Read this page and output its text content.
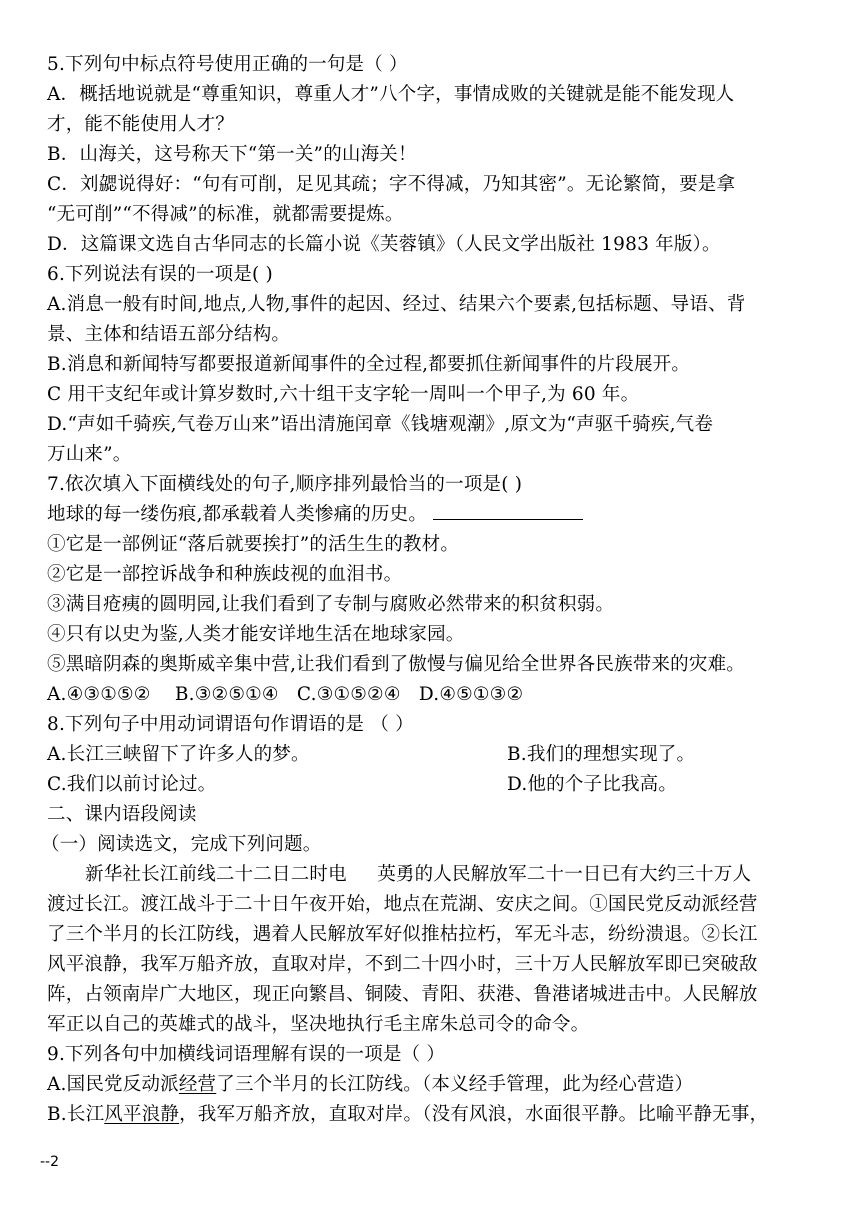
5.下列句中标点符号使用正确的一句是（ ）
A．概括地说就是“尊重知识，尊重人才”八个字，事情成败的关键就是能不能发现人
才，能不能使用人才？
B．山海关，这号称天下“第一关”的山海关！
C．刘勰说得好：“句有可削，足见其疏；字不得减，乃知其密”。无论繁简，要是拿
“无可削”“不得减”的标准，就都需要提炼。
D．这篇课文选自古华同志的长篇小说《芙蓉镇》（人民文学出版社 1983 年版）。
6.下列说法有误的一项是( )
A.消息一般有时间,地点,人物,事件的起因、经过、结果六个要素,包括标题、导语、背
景、主体和结语五部分结构。
B.消息和新闻特写都要报道新闻事件的全过程,都要抓住新闻事件的片段展开。
C 用干支纪年或计算岁数时,六十组干支字轮一周叫一个甲子,为 60 年。
D.“声如千骑疾,气卷万山来”语出清施闰章《钱塘观潮》,原文为“声驱千骑疾,气卷
万山来”。
7.依次填入下面横线处的句子,顺序排列最恰当的一项是( )
地球的每一缕伤痕,都承载着人类惨痛的历史。
①它是一部例证“落后就要挨打”的活生生的教材。
②它是一部控诉战争和种族歧视的血泪书。
③满目疮痍的圆明园,让我们看到了专制与腐败必然带来的积贫积弱。
④只有以史为鉴,人类才能安详地生活在地球家园。
⑤黑暗阴森的奥斯威辛集中营,让我们看到了傲慢与偏见给全世界各民族带来的灾难。
A.④③①⑤②    B.③②⑤①④   C.③①⑤②④   D.④⑤①③②
8.下列句子中用动词谓语句作谓语的是 （ ）
A.长江三峡留下了许多人的梦。	B.我们的理想实现了。
C.我们以前讨论过。	D.他的个子比我高。
二、课内语段阅读
（一）阅读选文，完成下列问题。
新华社长江前线二十二日二时电     英勇的人民解放军二十一日已有大约三十万人
渡过长江。渡江战斗于二十日午夜开始，地点在荒湖、安庆之间。①国民党反动派经营
了三个半月的长江防线，遇着人民解放军好似推枯拉朽，军无斗志，纷纷溃退。②长江
风平浪静，我军万船齐放，直取对岸，不到二十四小时，三十万人民解放军即已突破敌
阵，占领南岸广大地区，现正向繁昌、铜陵、青阳、获港、鲁港诸城进击中。人民解放
军正以自己的英雄式的战斗，坚决地执行毛主席朱总司令的命令。
9.下列各句中加横线词语理解有误的一项是（ ）
A.国民党反动派经营了三个半月的长江防线。（本义经手管理，此为经心营造）
B.长江风平浪静，我军万船齐放，直取对岸。（没有风浪，水面很平静。比喻平静无事，
--2
